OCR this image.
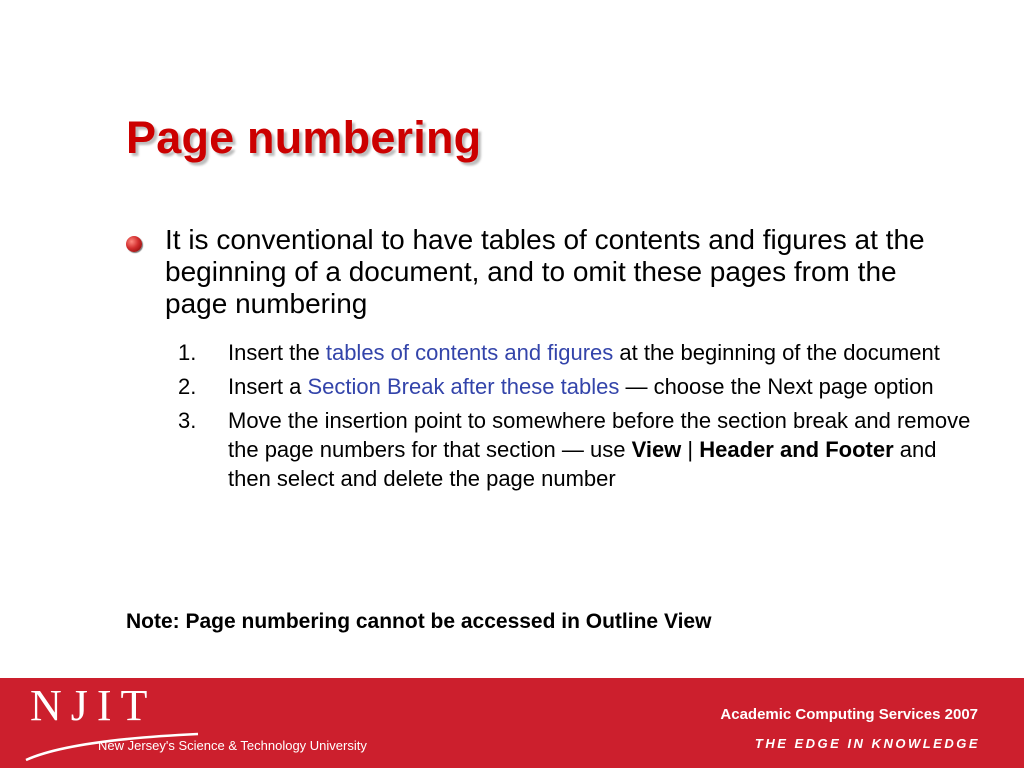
Page numbering

It is conventional to have tables of contents and figures at the beginning of a document, and to omit these pages from the page numbering

1. Insert the tables of contents and figures at the beginning of the document
2. Insert a Section Break after these tables — choose the Next page option
3. Move the insertion point to somewhere before the section break and remove the page numbers for that section — use View | Header and Footer and then select and delete the page number

Note: Page numbering cannot be accessed in Outline View

NJIT
New Jersey's Science & Technology University
Academic Computing Services 2007
THE EDGE IN KNOWLEDGE
